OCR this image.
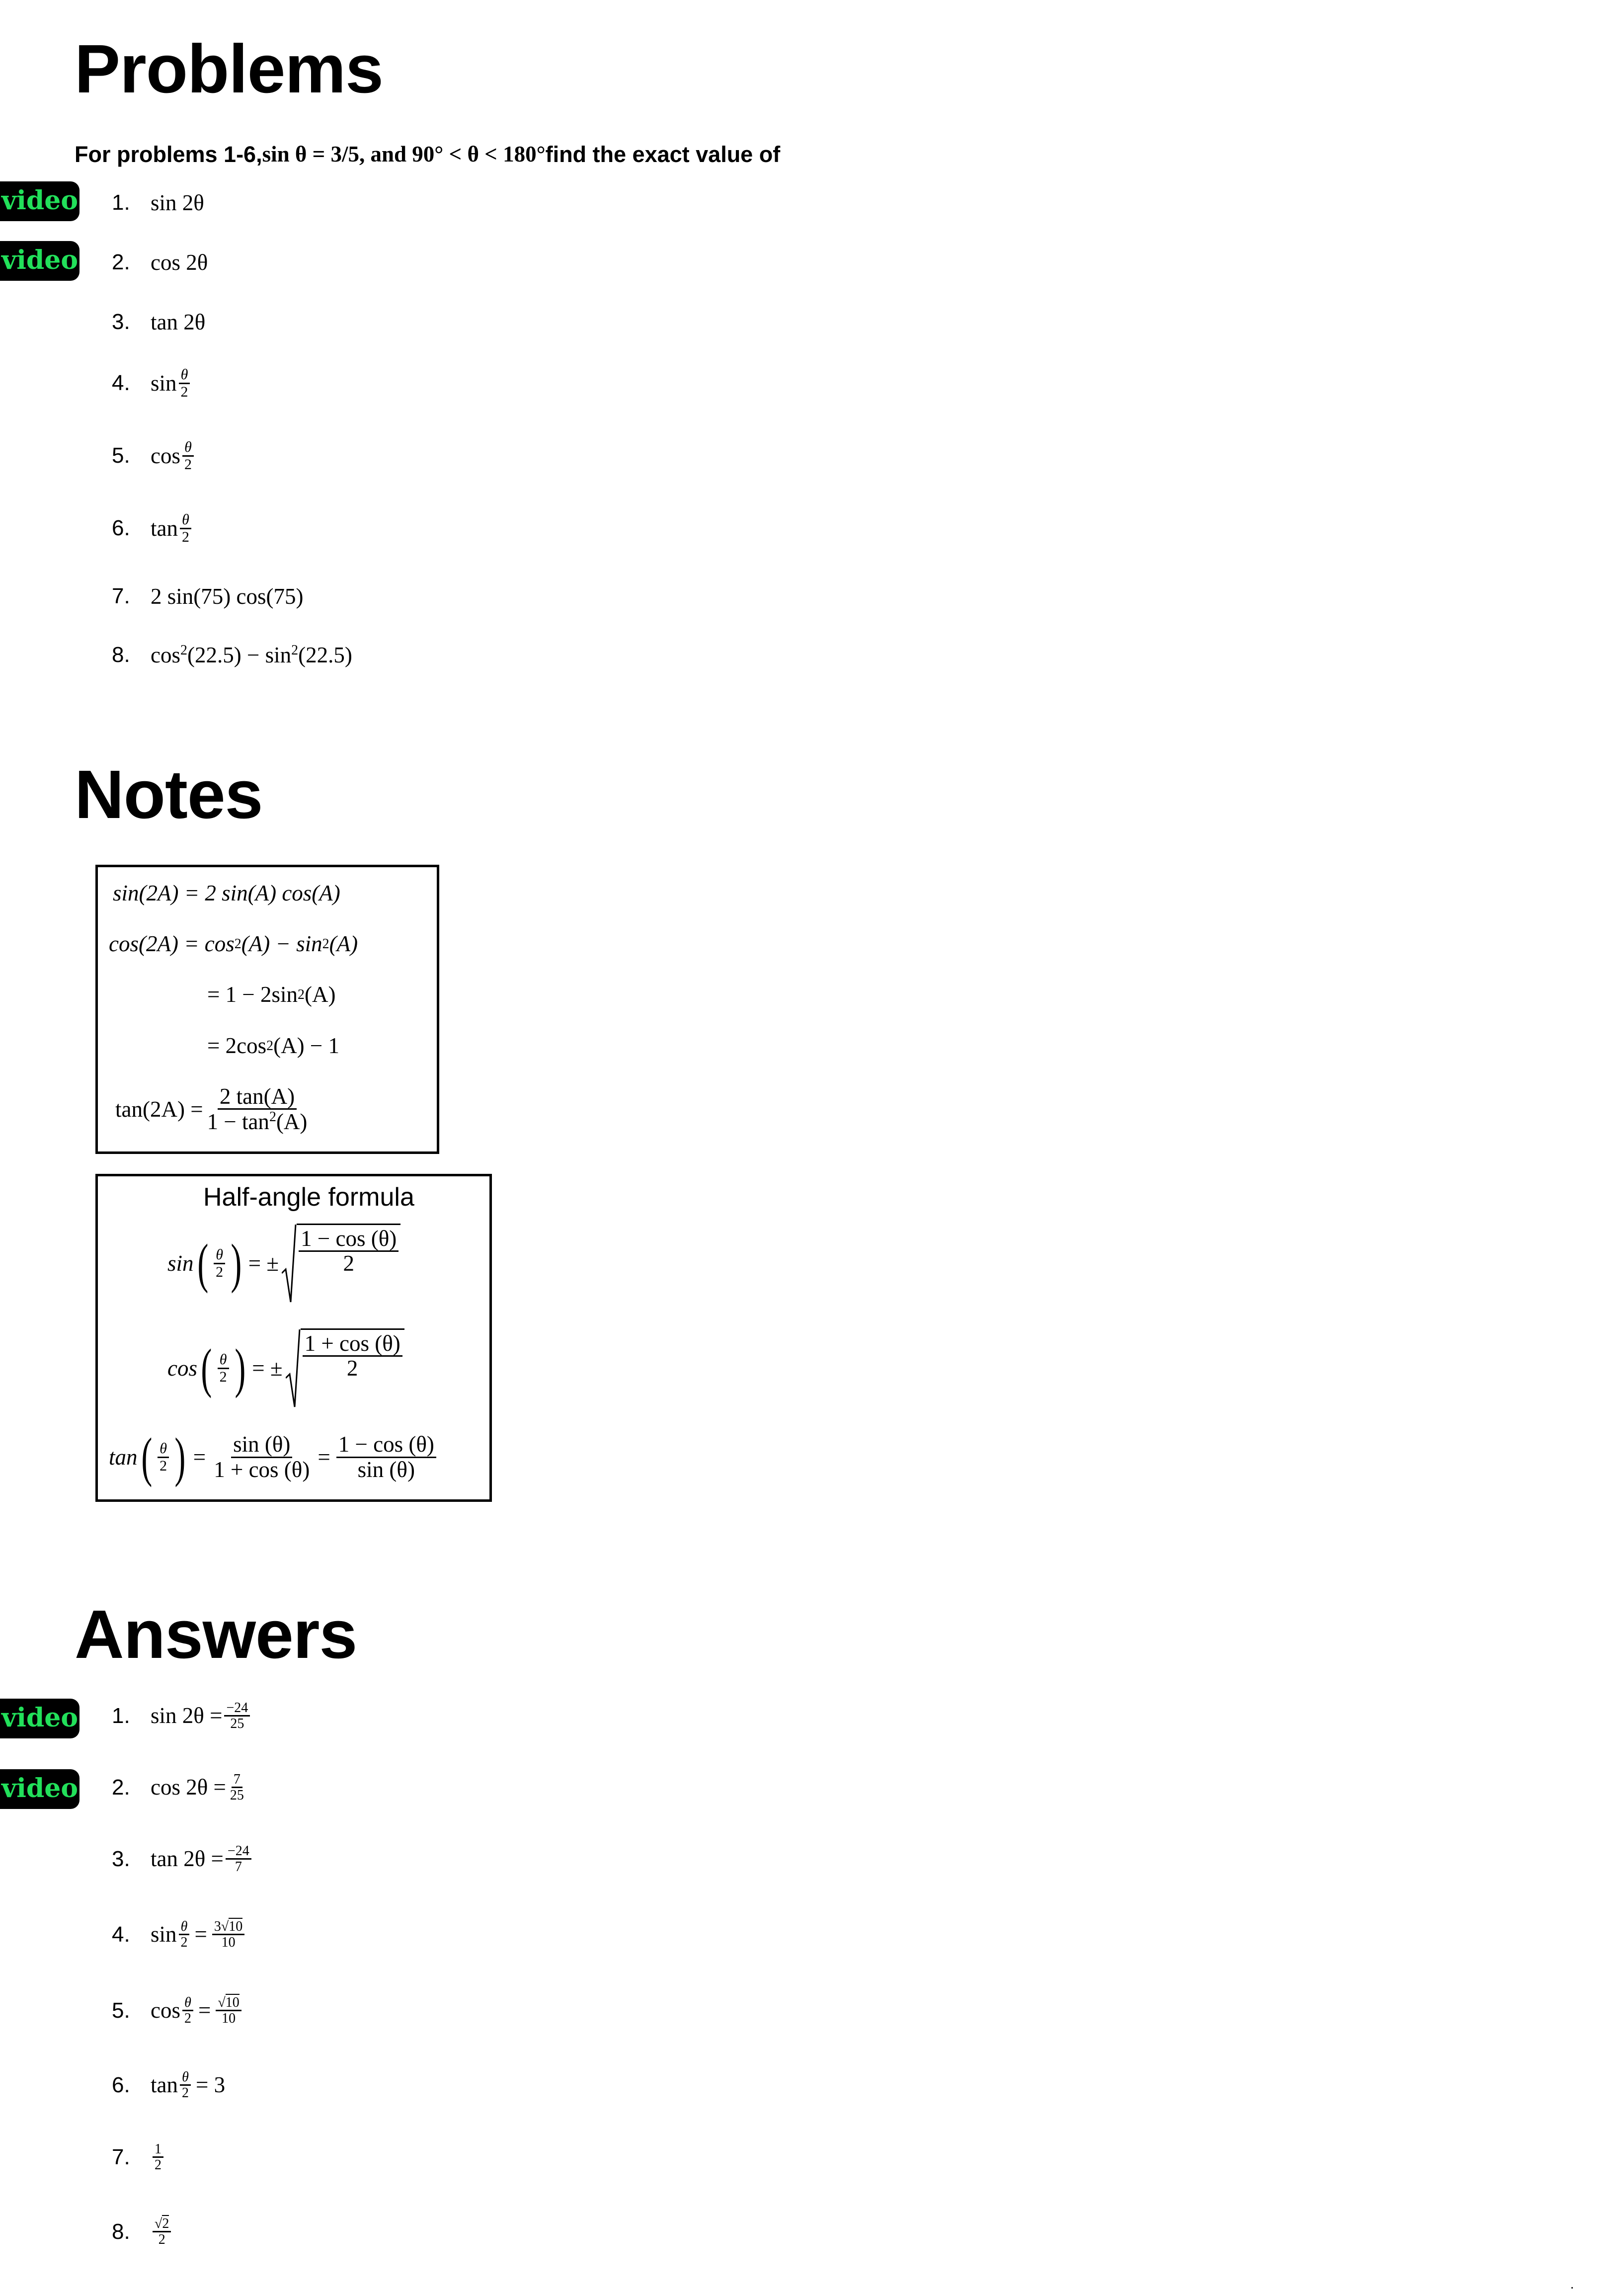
Problems
For problems 1-6, sin θ = 3/5, and 90° < θ < 180° find the exact value of
video
video
1. sin 2θ
2. cos 2θ
3. tan 2θ
4. $\sin \frac{\theta}{2}$
5. $\cos \frac{\theta}{2}$
6. $\tan \frac{\theta}{2}$
7. 2 sin(75) cos(75)
8. $\cos^2(22.5) - \sin^2(22.5)$
Notes
sin(2A) = 2 sin(A) cos(A)
cos(2A) = cos 2 (A) − sin 2 (A)
= 1 − 2sin 2 (A)
= 2cos 2 (A) − 1
$\tan(2A) = \frac{2 \tan(A)}{1 - \tan^2(A)}$
Half-angle formula
sin ( $\frac{\theta}{2}$ ) = ± $\frac{1 - \cos (\theta)}{2}$
cos ( $\frac{\theta}{2}$ ) = ± $\frac{1 + \cos (\theta)}{2}$
tan ( $\frac{\theta}{2}$ ) = $\frac{\sin (\theta)}{1 + \cos (\theta)} = \frac{1 - \cos (\theta)}{\sin (\theta)}$
Answers
video
video
1. $\sin 2\theta = \frac{-24}{25}$
2. $\cos 2\theta = \frac{7}{25}$
3. $\tan 2\theta = \frac{-24}{7}$
4. $\sin \frac{\theta}{2} = \frac{3√10}{10}$
5. $\cos \frac{\theta}{2} = \frac{√10}{10}$
6. $\tan \frac{\theta}{2} = 3$
7.	$\frac{1}{2}$
8.	$\frac{√2}{2}$
.
